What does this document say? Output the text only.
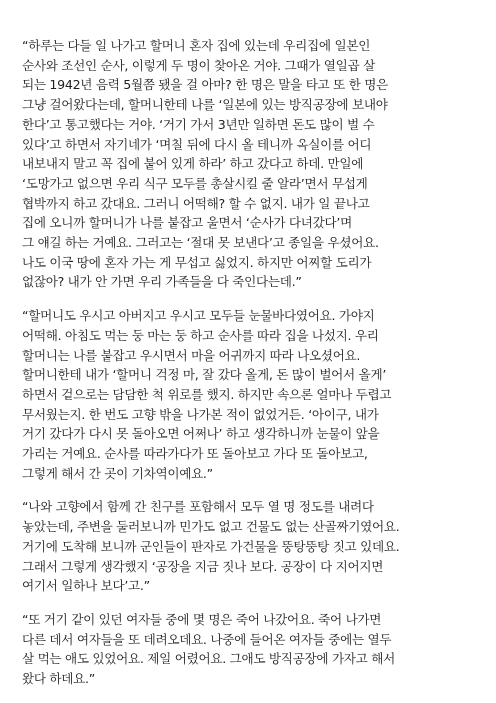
“하루는 다들 일 나가고 할머니 혼자 집에 있는데 우리집에 일본인
순사와 조선인 순사, 이렇게 두 명이 찾아온 거야. 그때가 열일곱 살
되는 1942년 음력 5월쯤 됐을 걸 아마? 한 명은 말을 타고 또 한 명은
그냥 걸어왔다는데, 할머니한테 나를 ‘일본에 있는 방직공장에 보내야
한다’고 통고했다는 거야. ‘거기 가서 3년만 일하면 돈도 많이 벌 수
있다’고 하면서 자기네가 ‘며칠 뒤에 다시 올 테니까 옥실이를 어디
내보내지 말고 꼭 집에 붙어 있게 하라’ 하고 갔다고 하데. 만일에
‘도망가고 없으면 우리 식구 모두를 총살시킬 줄 알라’면서 무섭게
협박까지 하고 갔대요. 그러니 어떡해? 할 수 없지. 내가 일 끝나고
집에 오니까 할머니가 나를 붙잡고 울면서 ‘순사가 다녀갔다’며
그 얘길 하는 거예요. 그러고는 ‘절대 못 보낸다’고 종일을 우셨어요.
나도 이국 땅에 혼자 가는 게 무섭고 싫었지. 하지만 어찌할 도리가
없잖아? 내가 안 가면 우리 가족들을 다 죽인다는데.”
“할머니도 우시고 아버지고 우시고 모두들 눈물바다였어요. 가야지
어떡해. 아침도 먹는 둥 마는 둥 하고 순사를 따라 집을 나섰지. 우리
할머니는 나를 붙잡고 우시면서 마을 어귀까지 따라 나오셨어요.
할머니한테 내가 ‘할머니 걱정 마, 잘 갔다 올게, 돈 많이 벌어서 올게’
하면서 겉으로는 담담한 척 위로를 했지. 하지만 속으론 얼마나 두렵고
무서웠는지. 한 번도 고향 밖을 나가본 적이 없었거든. ‘아이구, 내가
거기 갔다가 다시 못 돌아오면 어쩌나’ 하고 생각하니까 눈물이 앞을
가리는 거예요. 순사를 따라가다가 또 돌아보고 가다 또 돌아보고,
그렇게 해서 간 곳이 기차역이예요.”
“나와 고향에서 함께 간 친구를 포함해서 모두 열 명 정도를 내려다
놓았는데, 주변을 둘러보니까 민가도 없고 건물도 없는 산골짜기였어요.
거기에 도착해 보니까 군인들이 판자로 가건물을 뚱탕뚱탕 짓고 있데요.
그래서 그렇게 생각했지 ‘공장을 지금 짓나 보다. 공장이 다 지어지면
여기서 일하나 보다’고.”
“또 거기 같이 있던 여자들 중에 몇 명은 죽어 나갔어요. 죽어 나가면
다른 데서 여자들을 또 데려오데요. 나중에 들어온 여자들 중에는 열두
살 먹는 애도 있었어요. 제일 어렸어요. 그애도 방직공장에 가자고 해서
왔다 하데요.”
